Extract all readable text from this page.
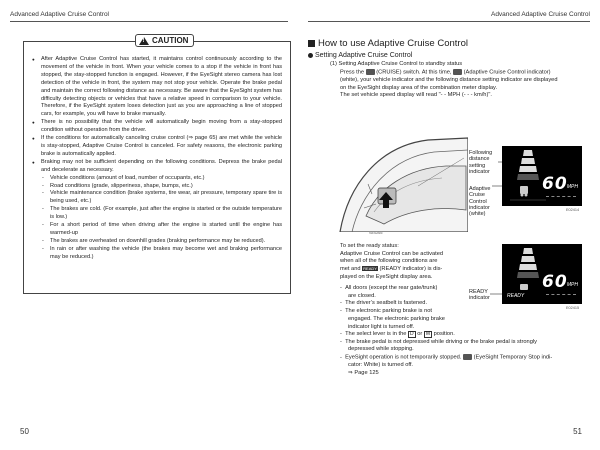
Advanced Adaptive Cruise Control	Advanced Adaptive Cruise Control
!
CAUTION
● After Adaptive Cruise Control has started, it maintains control continuously according to the movement of the vehicle in front. When your vehicle comes to a stop if the vehicle in front has stopped, the stay-stopped function is engaged. However, if the EyeSight stereo camera has lost detection of the vehicle in front, the system may not stop your vehicle. Operate the brake pedal and maintain the correct following distance as necessary. Be aware that the EyeSight system has difficulty detecting objects or vehicles that have a relative speed in comparison to your vehicle. Therefore, if the EyeSight system loses detection just as you are approaching a line of stopped cars, for example, you will have to brake manually.
● There is no possibility that the vehicle will automatically begin moving from a stay-stopped condition without operation from the driver.
● If the conditions for automatically canceling cruise control (⇒ page 65) are met while the vehicle is stay-stopped, Adaptive Cruise Control is canceled. For safety reasons, the electronic parking brake is automatically applied.
● Braking may not be sufficient depending on the following conditions. Depress the brake pedal and decelerate as necessary.
- Vehicle conditions (amount of load, number of occupants, etc.)
- Road conditions (grade, slipperiness, shape, bumps, etc.)
- Vehicle maintenance condition (brake systems, tire wear, air pressure, temporary spare tire is being used, etc.)
- The brakes are cold. (For example, just after the engine is started or the outside temperature is low.)
- For a short period of time when driving after the engine is started until the engine has warmed-up
- The brakes are overheated on downhill grades (braking performance may be reduced).
- In rain or after washing the vehicle (the brakes may become wet and braking performance may be reduced.)
How to use Adaptive Cruise Control
Setting Adaptive Cruise Control
(1) Setting Adaptive Cruise Control to standby status
Press the (CRUISE) switch. At this time, (Adaptive Cruise Control indicator)
(white), your vehicle indicator and the following distance setting indicator are displayed
on the EyeSight display area of the combination meter display.
The set vehicle speed display will read "- - MPH (- - - km/h)".
SE0265
Following
distance
setting
indicator
Adaptive
Cruise
Control
indicator
(white)
60 MPH
E02414
To set the ready status:
Adaptive Cruise Control can be activated
when all of the following conditions are
met and READY (READY indicator) is dis-
played on the EyeSight display area.
-  All doors (except the rear gate/trunk)
are closed.
-  The driver’s seatbelt is fastened.
-  The electronic parking brake is not
engaged. The electronic parking brake
indicator light is turned off.
-  The select lever is in the D or M position.
-  The brake pedal is not depressed while driving or the brake pedal is strongly
depressed while stopping.
-  EyeSight operation is not temporarily stopped. (EyeSight Temporary Stop indi-
cator: White) is turned off.
⇒ Page 125
READY
indicator	READY
60 MPH
E02415
50	51
